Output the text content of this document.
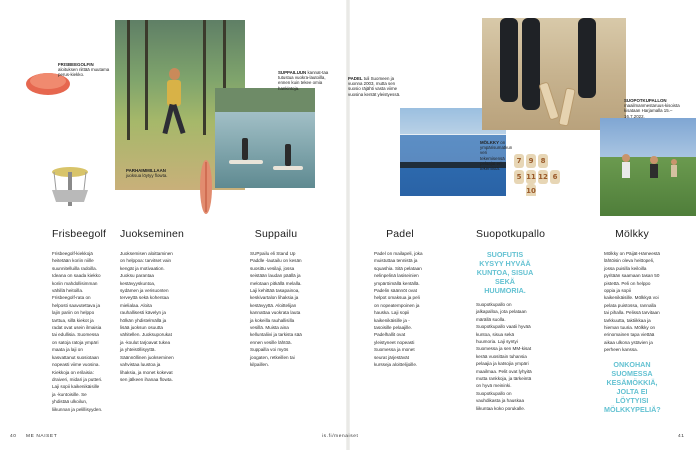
7	9	8
5 11 12 6
10
FRISBEEGOLFIN aloituksen riittää muutama perus-kiekko.	SUPPAILUUN kannat-taa tutustua vuokra-lautoilla, ennen kuin tekee omia hankintoja.
PARHAIMMILLAAN juoksua löytyy flowta.
PADEL tuli Suomeen ja vuonna 2003, mutta sen suosio räjähti vasta viime vuosina kentät yleistyessä.
SUOPOTKUPALLON maailmanmestaruus-kisoista kisataan Harjamalla 15.–16.7.2022.
MÖLKKY on ympärisumatkun veri tekemisensä pelaajat eri tekemistä.
Frisbeegolf

Frisbeegolf-kiekkojä heitetään koriin niille suunnitelluilla radoilla. Ideana on saada kiekko koriin mahdollisimman vähillä heitoilla. Frisbeegolf-rata on helposti saavutettava ja lajin pariin on helppo tarttua, sillä kiekot ja radat ovat usein ilmaisia tai edullisia. Suomessa on satoja ratoja ympäri maata ja laji on kasvattanut suosiotaan nopeasti viime vuosina. Kiekkoja on erilaisia: draiveri, midari ja putteri. Laji sopii kaikenikäisille ja -kuntoisille. Se yhdistää ulkoilun, liikunnan ja pelillisyyden.

Juokseminen

Juoksemisen aloittaminen on helppoa: tarvitset vain kengät ja motivaation. Juoksu parantaa kestävyyskuntoa, sydämen ja verisuonten terveyttä sekä kohentaa mielialaa. Aloita rauhallisesti kävelyn ja hölkän yhdistelmällä ja lisää juoksun osuutta vähitellen. Juoksuporukat ja -koulut tarjoavat tukea ja yhteisöllisyyttä. Säännöllinen juokseminen vahvistaa luustoa ja lihaksia, ja monet kokevat sen jälkeen ihanaa flowta.

Suppailu

SUPpailu eli Stand Up Paddle -lautailu on kesän suosittu vesilaji, jossa seistään laudan päällä ja melotaan pitkällä melalla. Laji kehittää tasapainoa, keskivartalon lihaksia ja kestävyyttä. Aloittelijan kannattaa vuokrata lauta ja kokeilla rauhallisilla vesillä. Muista aina kelluntaliivi ja tarkista sää ennen vesille lähtöä. Suppailla voi myös joogaten, retkeillen tai kilpaillen.

Padel

Padel on mailapeli, joka muistuttaa tennistä ja squashia. Sitä pelataan nelinpelinä lasiseinien ympäröimällä kentällä. Padelin säännöt ovat helpot omaksua ja peli on nopeatempoinen ja hauska. Laji sopii kaikenikäisille ja -tasoisille pelaajille. Padelhallit ovat yleistyneet nopeasti Suomessa ja monet seurat järjestävät kursseja aloittelijoille.

Suopotkupallo
SUOFUTIS KYSYY HYVÄÄ KUNTOA, SISUA SEKÄ HUUMORIA.

Suopotkupallo on jalkapalloa, jota pelataan märällä suolla. Suopotkupallo vaatii hyvää kuntoa, sisua sekä huumoria. Laji syntyi Suomessa ja sen MM-kisat kerää vuosittain tuhansia pelaajia ja katsojia ympäri maailmaa. Pelit ovat lyhyitä mutta rankkoja, ja tärkeintä on hyvä meininki. Suopotkupallo on vauhdikasta ja hauskaa liikuntaa koko porukalle.

Mölkky

Mölkky on Päijät-Hämeestä lähtöisin oleva heittopeli, jossa puisilla keiloilla pyritään saamaan tasan 50 pistettä. Peli on helppo oppia ja sopii kaikenikäisille. Mölkkyä voi pelata puistossa, rannalla tai pihalla. Pelissä tarvitaan tarkkuutta, taktiikkaa ja hieman tuuria. Mölkky on erinomainen tapa viettää aikaa ulkona ystävien ja perheen kanssa.

ONKOHAN SUOMESSA KESÄMÖKKIÄ, JOLTA EI LÖYTYISI MÖLKKYPELIÄ?
40 ME NAISET	is.fi/menaiset	41
